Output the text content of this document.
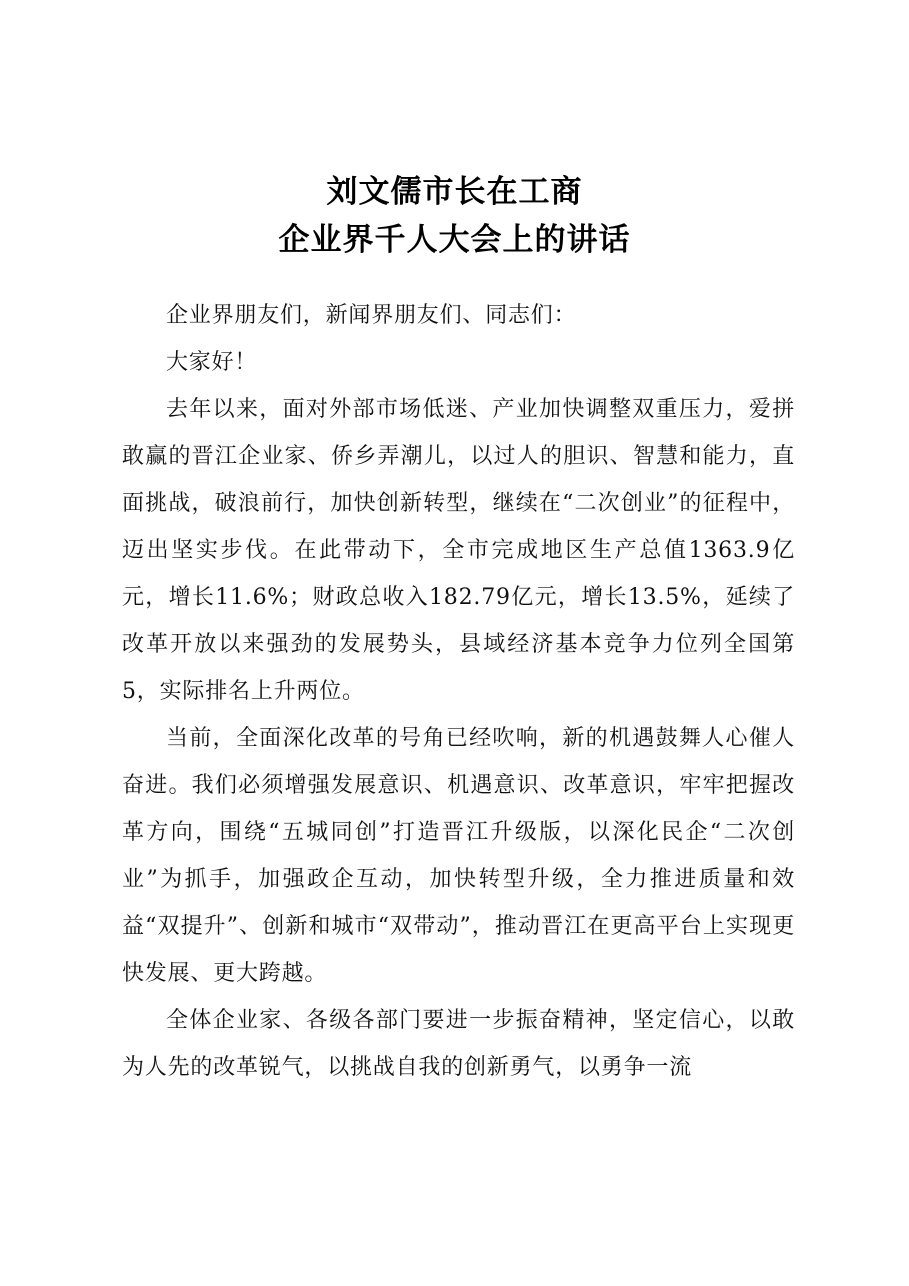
刘文儒市长在工商
企业界千人大会上的讲话

企业界朋友们，新闻界朋友们、同志们：

大家好！

去年以来，面对外部市场低迷、产业加快调整双重压力，爱拼敢赢的晋江企业家、侨乡弄潮儿，以过人的胆识、智慧和能力，直面挑战，破浪前行，加快创新转型，继续在“二次创业”的征程中，迈出坚实步伐。在此带动下，全市完成地区生产总值1363.9亿元，增长11.6%；财政总收入182.79亿元，增长13.5%，延续了改革开放以来强劲的发展势头，县域经济基本竞争力位列全国第5，实际排名上升两位。

当前，全面深化改革的号角已经吹响，新的机遇鼓舞人心催人奋进。我们必须增强发展意识、机遇意识、改革意识，牢牢把握改革方向，围绕“五城同创”打造晋江升级版，以深化民企“二次创业”为抓手，加强政企互动，加快转型升级，全力推进质量和效益“双提升”、创新和城市“双带动”，推动晋江在更高平台上实现更快发展、更大跨越。

全体企业家、各级各部门要进一步振奋精神，坚定信心，以敢为人先的改革锐气，以挑战自我的创新勇气，以勇争一流
